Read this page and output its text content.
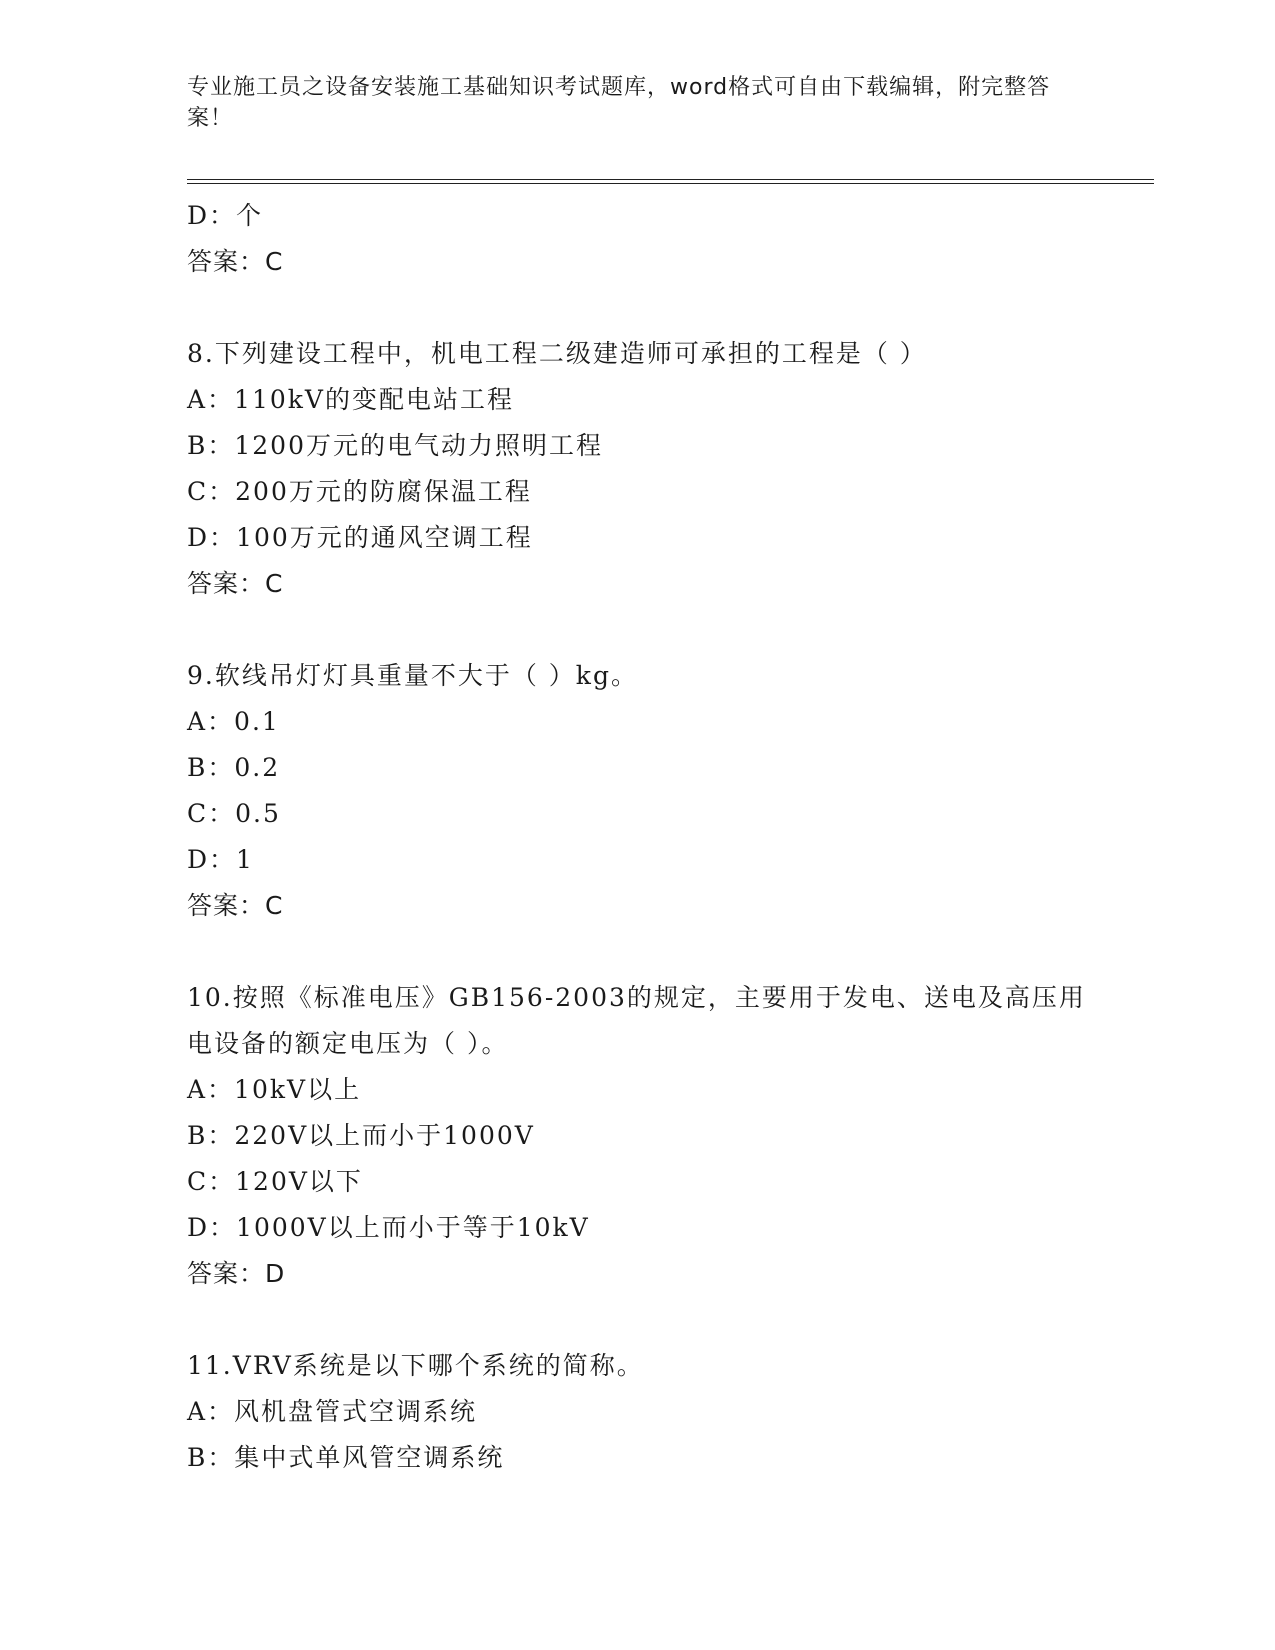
专业施工员之设备安装施工基础知识考试题库，word格式可自由下载编辑，附完整答案！
D：个
答案：C
8.下列建设工程中，机电工程二级建造师可承担的工程是（ ）
A：110kV的变配电站工程
B：1200万元的电气动力照明工程
C：200万元的防腐保温工程
D：100万元的通风空调工程
答案：C
9.软线吊灯灯具重量不大于（ ）kg。
A：0.1
B：0.2
C：0.5
D：1
答案：C
10.按照《标准电压》GB156-2003的规定，主要用于发电、送电及高压用电设备的额定电压为（ ）。
A：10kV以上
B：220V以上而小于1000V
C：120V以下
D：1000V以上而小于等于10kV
答案：D
11.VRV系统是以下哪个系统的简称。
A：风机盘管式空调系统
B：集中式单风管空调系统
